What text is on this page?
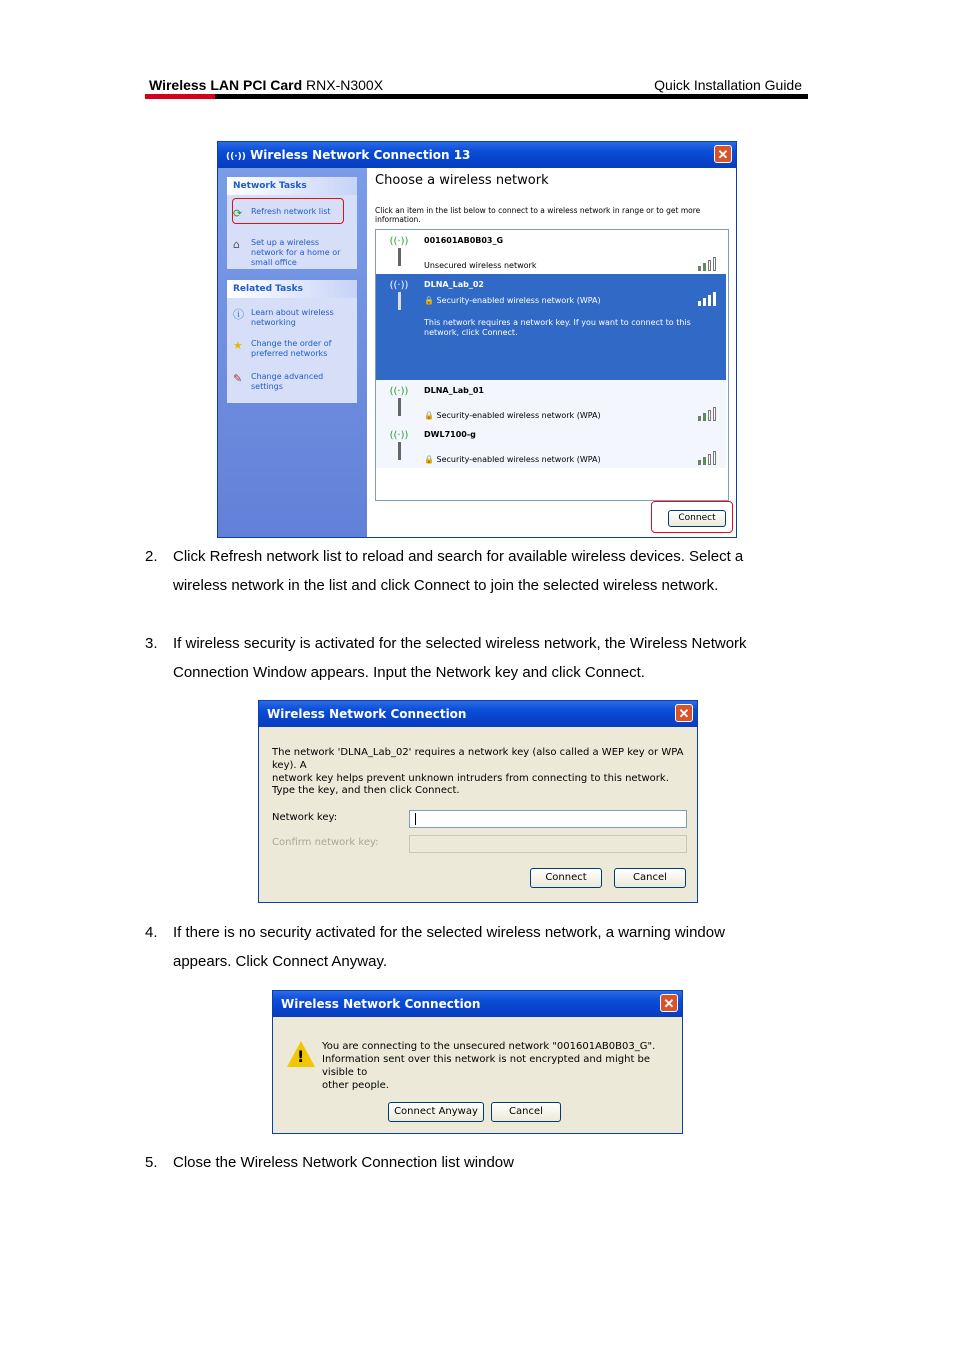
Wireless LAN PCI Card RNX-N300X	Quick Installation Guide
((·)) Wireless Network Connection 13	✕
Network Tasks
⟳	Refresh network list
⌂	Set up a wireless network for a home or small office
Related Tasks
ⓘ Learn about wireless networking
★	Change the order of preferred networks
✎	Change advanced settings
Choose a wireless network
Click an item in the list below to connect to a wireless network in range or to get more information.
((·))	001601AB0B03_G
Unsecured wireless network
((·))	DLNA_Lab_02
🔒 Security-enabled wireless network (WPA)
This network requires a network key. If you want to connect to this network, click Connect.
((·))	DLNA_Lab_01
🔒 Security-enabled wireless network (WPA)
((·))	DWL7100-g
🔒 Security-enabled wireless network (WPA)
Connect
2. Click Refresh network list to reload and search for available wireless devices. Select a
wireless network in the list and click Connect to join the selected wireless network.
3. If wireless security is activated for the selected wireless network, the Wireless Network
Connection Window appears. Input the Network key and click Connect.
Wireless Network Connection	✕
The network 'DLNA_Lab_02' requires a network key (also called a WEP key or WPA key). A
network key helps prevent unknown intruders from connecting to this network.
Type the key, and then click Connect.
Network key:
Confirm network key:
Connect	Cancel
4. If there is no security activated for the selected wireless network, a warning window
appears. Click Connect Anyway.
Wireless Network Connection	✕
!
You are connecting to the unsecured network "001601AB0B03_G".
Information sent over this network is not encrypted and might be visible to
other people.
Connect Anyway	Cancel
5. Close the Wireless Network Connection list window
